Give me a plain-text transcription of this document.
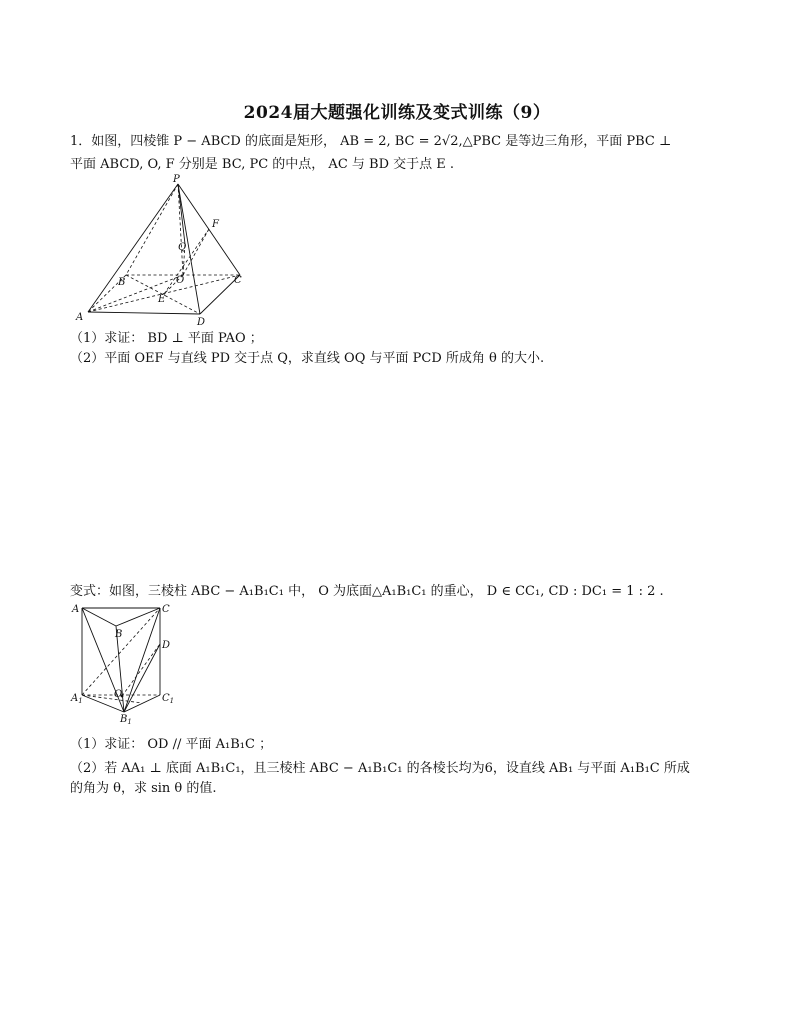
2024届大题强化训练及变式训练（9）
1．如图，四棱锥 P − ABCD 的底面是矩形， AB = 2, BC = 2√2,△PBC 是等边三角形，平面 PBC ⊥
平面 ABCD, O, F 分别是 BC, PC 的中点， AC 与 BD 交于点 E .
P
F
Q
B	O	C
E
A	D
（1）求证： BD ⊥ 平面 PAO ；
（2）平面 OEF 与直线 PD 交于点 Q，求直线 OQ 与平面 PCD 所成角 θ 的大小.
变式：如图，三棱柱 ABC − A₁B₁C₁ 中， O 为底面△A₁B₁C₁ 的重心， D ∈ CC₁, CD : DC₁ = 1 : 2 .
A	C
B
D
O
$A_1$	$C_1$
$B_1$
（1）求证： OD // 平面 A₁B₁C ；
（2）若 AA₁ ⊥ 底面 A₁B₁C₁，且三棱柱 ABC − A₁B₁C₁ 的各棱长均为6，设直线 AB₁ 与平面 A₁B₁C 所成
的角为 θ，求 sin θ 的值.
